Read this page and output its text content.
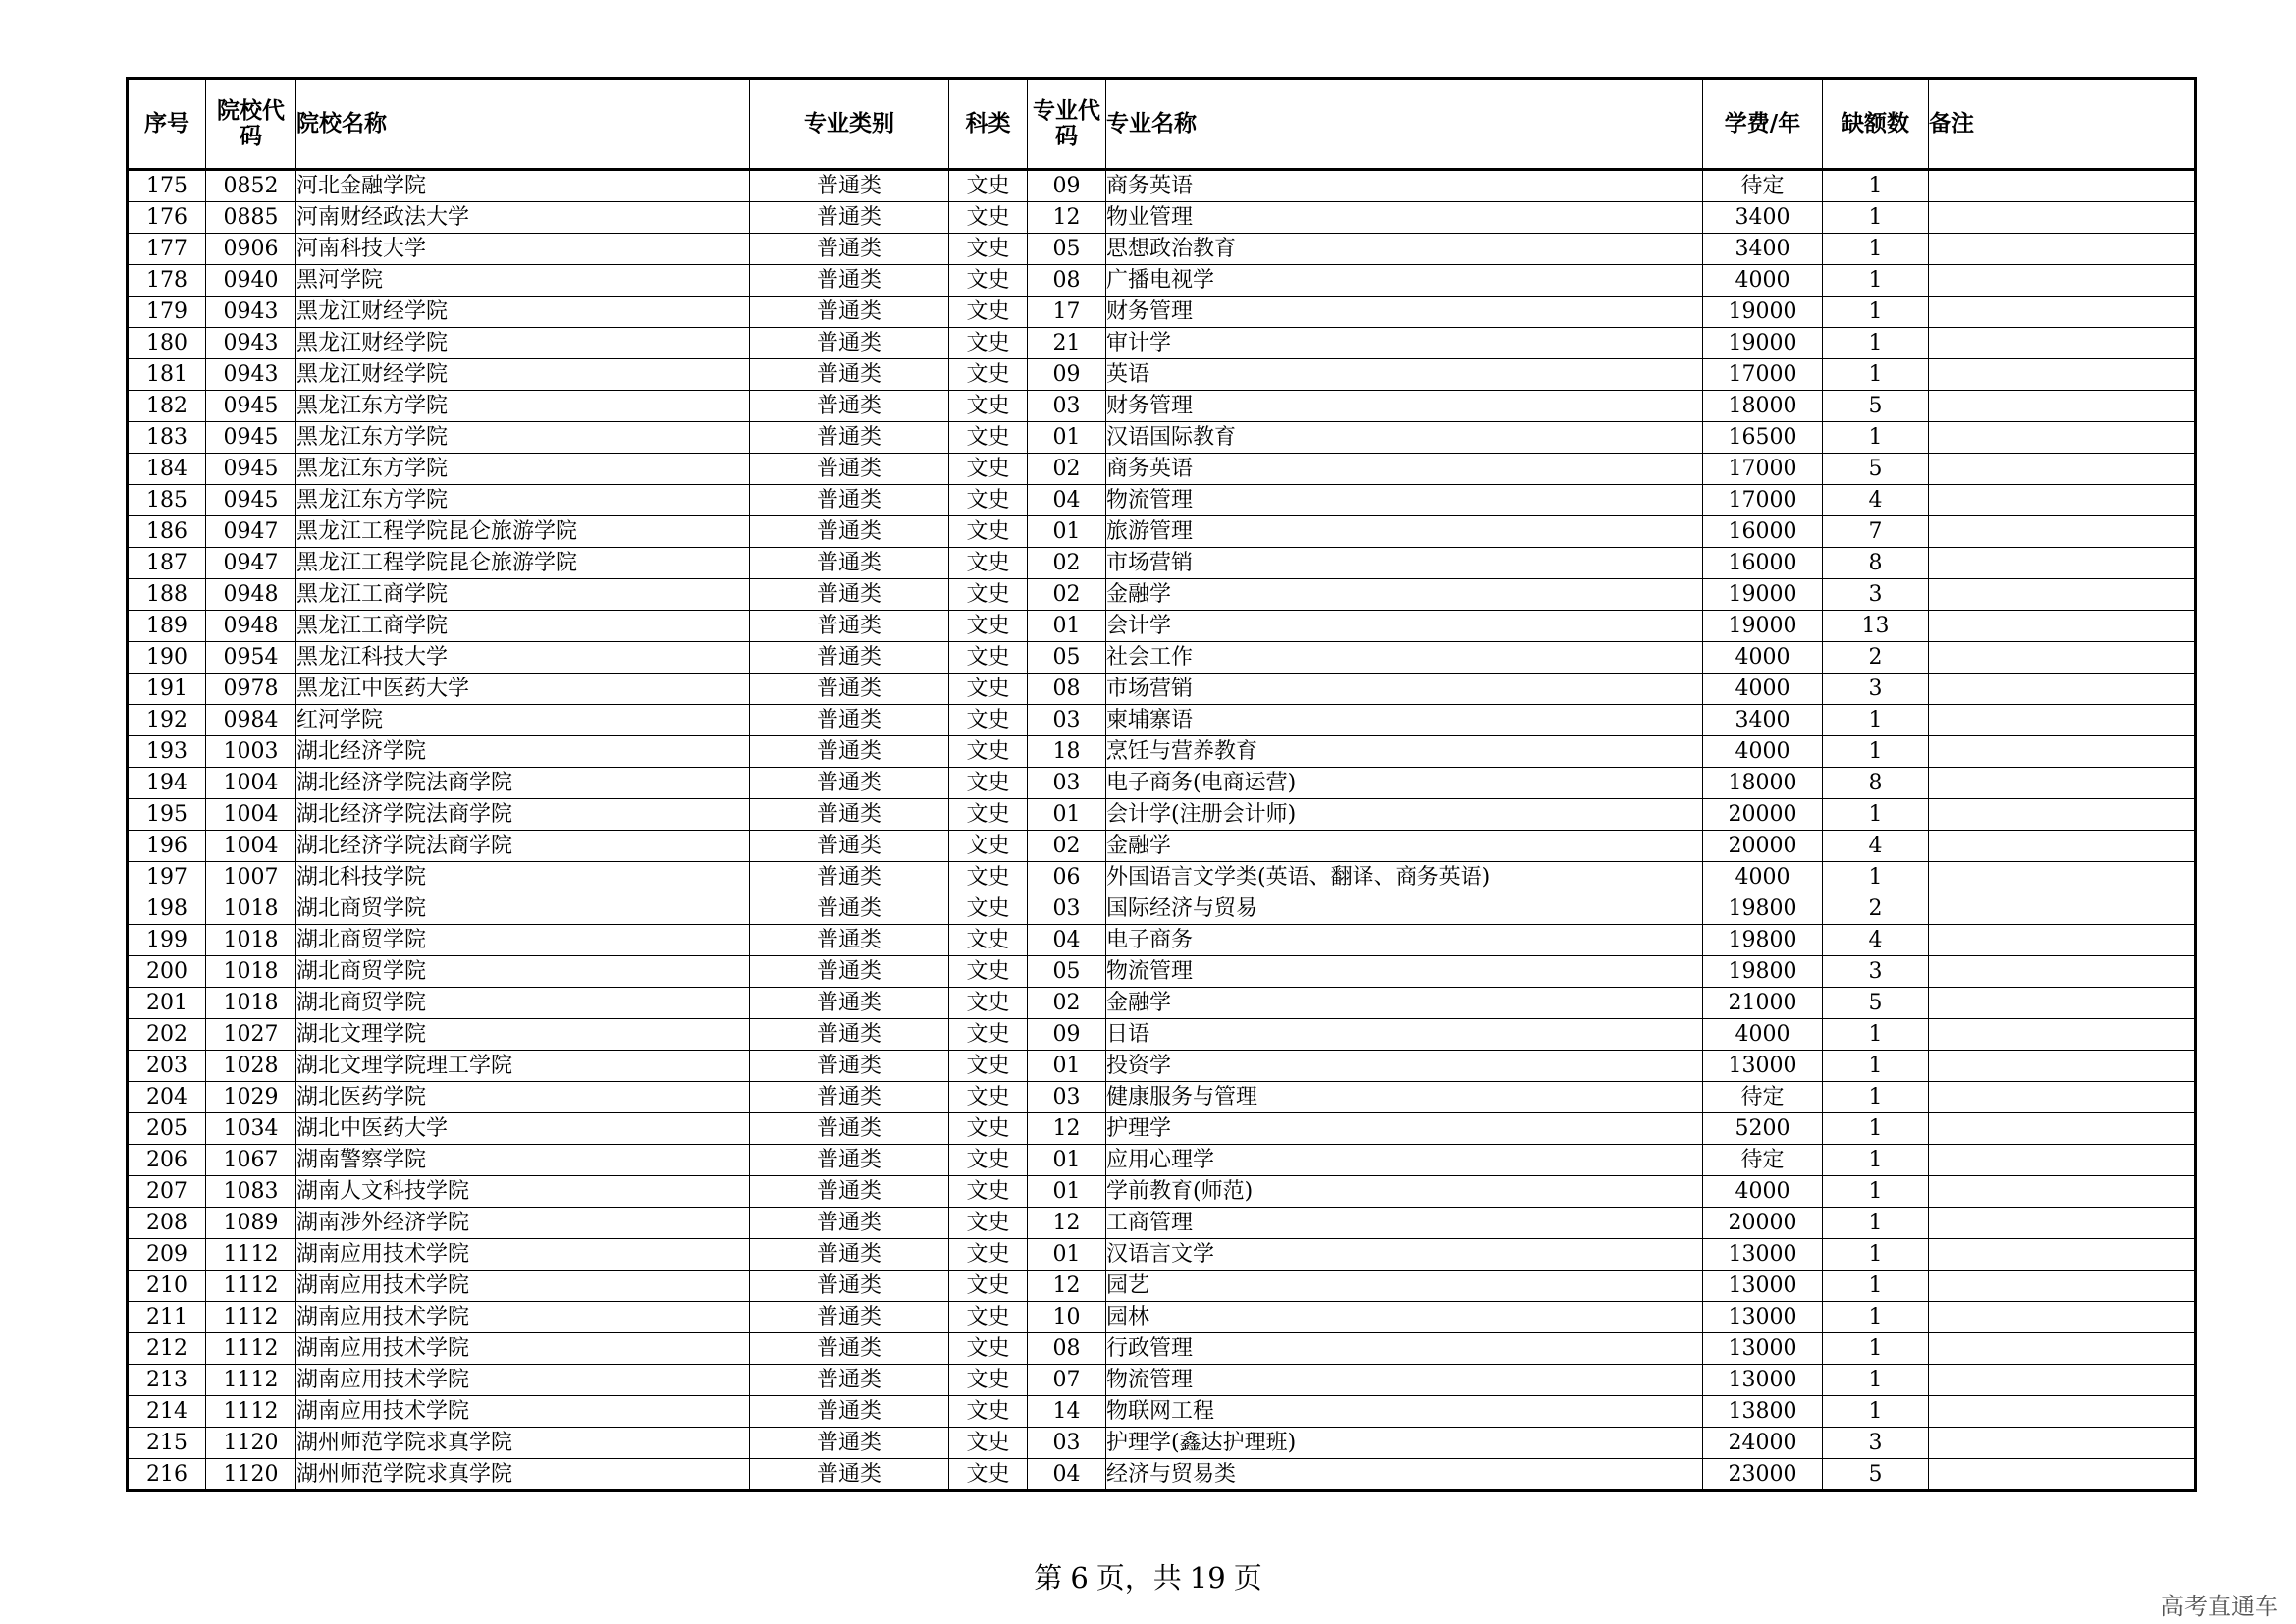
序号	院校代码	院校名称	专业类别	科类	专业代码	专业名称	学费/年	缺额数	备注
175	0852	河北金融学院	普通类	文史	09	商务英语	待定	1	
176	0885	河南财经政法大学	普通类	文史	12	物业管理	3400	1	
177	0906	河南科技大学	普通类	文史	05	思想政治教育	3400	1	
178	0940	黑河学院	普通类	文史	08	广播电视学	4000	1	
179	0943	黑龙江财经学院	普通类	文史	17	财务管理	19000	1	
180	0943	黑龙江财经学院	普通类	文史	21	审计学	19000	1	
181	0943	黑龙江财经学院	普通类	文史	09	英语	17000	1	
182	0945	黑龙江东方学院	普通类	文史	03	财务管理	18000	5	
183	0945	黑龙江东方学院	普通类	文史	01	汉语国际教育	16500	1	
184	0945	黑龙江东方学院	普通类	文史	02	商务英语	17000	5	
185	0945	黑龙江东方学院	普通类	文史	04	物流管理	17000	4	
186	0947	黑龙江工程学院昆仑旅游学院	普通类	文史	01	旅游管理	16000	7	
187	0947	黑龙江工程学院昆仑旅游学院	普通类	文史	02	市场营销	16000	8	
188	0948	黑龙江工商学院	普通类	文史	02	金融学	19000	3	
189	0948	黑龙江工商学院	普通类	文史	01	会计学	19000	13	
190	0954	黑龙江科技大学	普通类	文史	05	社会工作	4000	2	
191	0978	黑龙江中医药大学	普通类	文史	08	市场营销	4000	3	
192	0984	红河学院	普通类	文史	03	柬埔寨语	3400	1	
193	1003	湖北经济学院	普通类	文史	18	烹饪与营养教育	4000	1	
194	1004	湖北经济学院法商学院	普通类	文史	03	电子商务(电商运营)	18000	8	
195	1004	湖北经济学院法商学院	普通类	文史	01	会计学(注册会计师)	20000	1	
196	1004	湖北经济学院法商学院	普通类	文史	02	金融学	20000	4	
197	1007	湖北科技学院	普通类	文史	06	外国语言文学类(英语、翻译、商务英语)	4000	1	
198	1018	湖北商贸学院	普通类	文史	03	国际经济与贸易	19800	2	
199	1018	湖北商贸学院	普通类	文史	04	电子商务	19800	4	
200	1018	湖北商贸学院	普通类	文史	05	物流管理	19800	3	
201	1018	湖北商贸学院	普通类	文史	02	金融学	21000	5	
202	1027	湖北文理学院	普通类	文史	09	日语	4000	1	
203	1028	湖北文理学院理工学院	普通类	文史	01	投资学	13000	1	
204	1029	湖北医药学院	普通类	文史	03	健康服务与管理	待定	1	
205	1034	湖北中医药大学	普通类	文史	12	护理学	5200	1	
206	1067	湖南警察学院	普通类	文史	01	应用心理学	待定	1	
207	1083	湖南人文科技学院	普通类	文史	01	学前教育(师范)	4000	1	
208	1089	湖南涉外经济学院	普通类	文史	12	工商管理	20000	1	
209	1112	湖南应用技术学院	普通类	文史	01	汉语言文学	13000	1	
210	1112	湖南应用技术学院	普通类	文史	12	园艺	13000	1	
211	1112	湖南应用技术学院	普通类	文史	10	园林	13000	1	
212	1112	湖南应用技术学院	普通类	文史	08	行政管理	13000	1	
213	1112	湖南应用技术学院	普通类	文史	07	物流管理	13000	1	
214	1112	湖南应用技术学院	普通类	文史	14	物联网工程	13800	1	
215	1120	湖州师范学院求真学院	普通类	文史	03	护理学(鑫达护理班)	24000	3	
216	1120	湖州师范学院求真学院	普通类	文史	04	经济与贸易类	23000	5	
第 6 页，共 19 页
高考直通车
